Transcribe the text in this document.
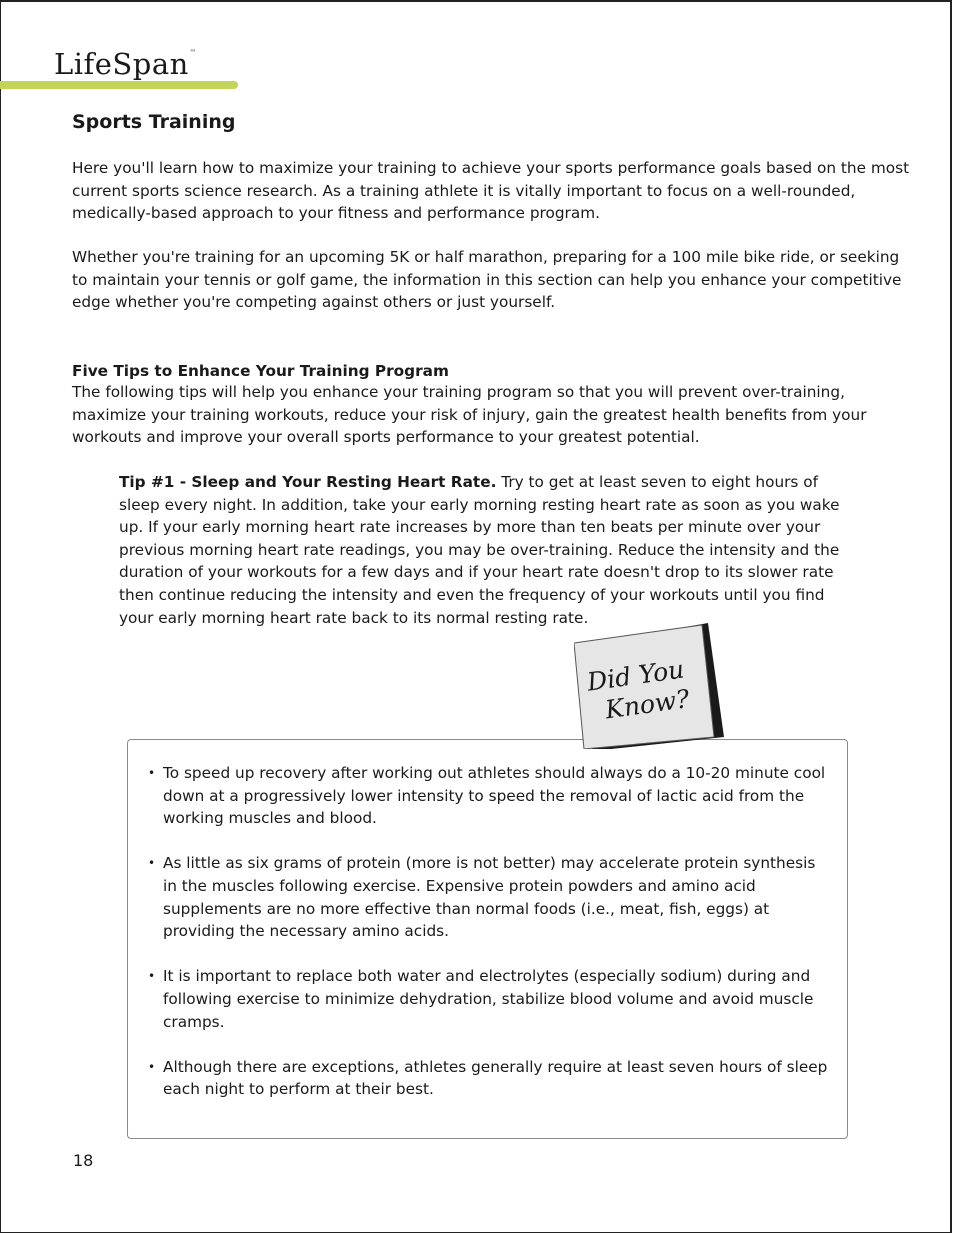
LifeSpan™
Sports Training
Here you'll learn how to maximize your training to achieve your sports performance goals based on the most current sports science research. As a training athlete it is vitally important to focus on a well-rounded, medically-based approach to your fitness and performance program.
Whether you're training for an upcoming 5K or half marathon, preparing for a 100 mile bike ride, or seeking to maintain your tennis or golf game, the information in this section can help you enhance your competitive edge whether you're competing against others or just yourself.
Five Tips to Enhance Your Training Program
The following tips will help you enhance your training program so that you will prevent over-training, maximize your training workouts, reduce your risk of injury, gain the greatest health benefits from your workouts and improve your overall sports performance to your greatest potential.
Tip #1 - Sleep and Your Resting Heart Rate. Try to get at least seven to eight hours of sleep every night. In addition, take your early morning resting heart rate as soon as you wake up. If your early morning heart rate increases by more than ten beats per minute over your previous morning heart rate readings, you may be over-training. Reduce the intensity and the duration of your workouts for a few days and if your heart rate doesn't drop to its slower rate then continue reducing the intensity and even the frequency of your workouts until you find your early morning heart rate back to its normal resting rate.
Did You
Know?
• To speed up recovery after working out athletes should always do a 10-20 minute cool down at a progressively lower intensity to speed the removal of lactic acid from the working muscles and blood.
• As little as six grams of protein (more is not better) may accelerate protein synthesis in the muscles following exercise. Expensive protein powders and amino acid supplements are no more effective than normal foods (i.e., meat, fish, eggs) at providing the necessary amino acids.
• It is important to replace both water and electrolytes (especially sodium) during and following exercise to minimize dehydration, stabilize blood volume and avoid muscle cramps.
• Although there are exceptions, athletes generally require at least seven hours of sleep each night to perform at their best.
18
